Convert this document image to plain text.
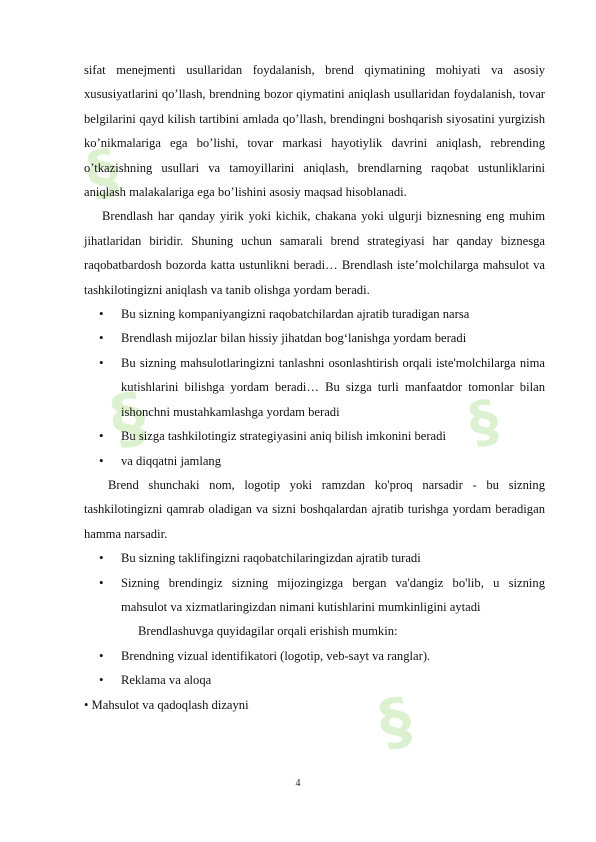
§
§
§
§

sifat menejmenti usullaridan foydalanish, brend qiymatining mohiyati va asosiy xususiyatlarini qo’llash, brendning bozor qiymatini aniqlash usullaridan foydalanish, tovar belgilarini qayd kilish tartibini amlada qo’llash, brendingni boshqarish siyosatini yurgizish ko’nikmalariga ega bo’lishi, tovar markasi hayotiylik davrini aniqlash, rebrending o’tkazishning usullari va tamoyillarini aniqlash, brendlarning raqobat ustunliklarini aniqlash malakalariga ega bo’lishini asosiy maqsad hisoblanadi.

Brendlash har qanday yirik yoki kichik, chakana yoki ulgurji biznesning eng muhim jihatlaridan biridir. Shuning uchun samarali brend strategiyasi har qanday biznesga raqobatbardosh bozorda katta ustunlikni beradi… Brendlash iste’molchilarga mahsulot va tashkilotingizni aniqlash va tanib olishga yordam beradi.

• Bu sizning kompaniyangizni raqobatchilardan ajratib turadigan narsa
• Brendlash mijozlar bilan hissiy jihatdan bog‘lanishga yordam beradi
• Bu sizning mahsulotlaringizni tanlashni osonlashtirish orqali iste'molchilarga nima kutishlarini bilishga yordam beradi… Bu sizga turli manfaatdor tomonlar bilan ishonchni mustahkamlashga yordam beradi
• Bu sizga tashkilotingiz strategiyasini aniq bilish imkonini beradi
• va diqqatni jamlang

Brend shunchaki nom, logotip yoki ramzdan ko'proq narsadir - bu sizning tashkilotingizni qamrab oladigan va sizni boshqalardan ajratib turishga yordam beradigan hamma narsadir.

• Bu sizning taklifingizni raqobatchilaringizdan ajratib turadi
• Sizning brendingiz sizning mijozingizga bergan va'dangiz bo'lib, u sizning mahsulot va xizmatlaringizdan nimani kutishlarini mumkinligini aytadi

Brendlashuvga quyidagilar orqali erishish mumkin:

• Brendning vizual identifikatori (logotip, veb-sayt va ranglar).
• Reklama va aloqa

• Mahsulot va qadoqlash dizayni

4
